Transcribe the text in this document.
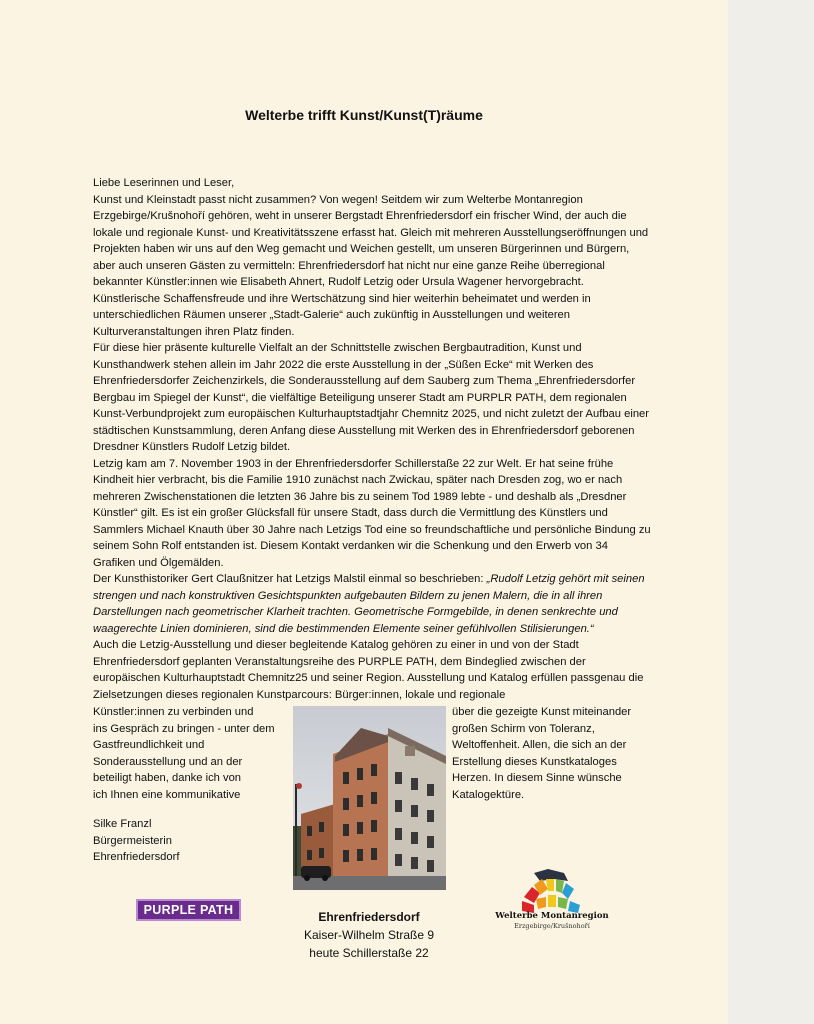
Welterbe trifft Kunst/Kunst(T)räume

Liebe Leserinnen und Leser,

Kunst und Kleinstadt passt nicht zusammen? Von wegen! Seitdem wir zum Welterbe Montanregion Erzgebirge/Krušnohoří gehören, weht in unserer Bergstadt Ehrenfriedersdorf ein frischer Wind, der auch die lokale und regionale Kunst- und Kreativitätsszene erfasst hat. Gleich mit mehreren Ausstellungseröffnungen und Projekten haben wir uns auf den Weg gemacht und Weichen gestellt, um unseren Bürgerinnen und Bürgern, aber auch unseren Gästen zu vermitteln: Ehrenfriedersdorf hat nicht nur eine ganze Reihe überregional bekannter Künstler:innen wie Elisabeth Ahnert, Rudolf Letzig oder Ursula Wagener hervorgebracht. Künstlerische Schaffensfreude und ihre Wertschätzung sind hier weiterhin beheimatet und werden in unterschiedlichen Räumen unserer „Stadt-Galerie“ auch zukünftig in Ausstellungen und weiteren Kulturveranstaltungen ihren Platz finden.

Für diese hier präsente kulturelle Vielfalt an der Schnittstelle zwischen Bergbautradition, Kunst und Kunsthandwerk stehen allein im Jahr 2022 die erste Ausstellung in der „Süßen Ecke“ mit Werken des Ehrenfriedersdorfer Zeichenzirkels, die Sonderausstellung auf dem Sauberg zum Thema „Ehrenfriedersdorfer Bergbau im Spiegel der Kunst“, die vielfältige Beteiligung unserer Stadt am PURPLR PATH, dem regionalen Kunst-Verbundprojekt zum europäischen Kulturhauptstadtjahr Chemnitz 2025, und nicht zuletzt der Aufbau einer städtischen Kunstsammlung, deren Anfang diese Ausstellung mit Werken des in Ehrenfriedersdorf geborenen Dresdner Künstlers Rudolf Letzig bildet.

Letzig kam am 7. November 1903 in der Ehrenfriedersdorfer Schillerstaße 22 zur Welt. Er hat seine frühe Kindheit hier verbracht, bis die Familie 1910 zunächst nach Zwickau, später nach Dresden zog, wo er nach mehreren Zwischenstationen die letzten 36 Jahre bis zu seinem Tod 1989 lebte - und deshalb als „Dresdner Künstler“ gilt. Es ist ein großer Glücksfall für unsere Stadt, dass durch die Vermittlung des Künstlers und Sammlers Michael Knauth über 30 Jahre nach Letzigs Tod eine so freundschaftliche und persönliche Bindung zu seinem Sohn Rolf entstanden ist. Diesem Kontakt verdanken wir die Schenkung und den Erwerb von 34 Grafiken und Ölgemälden.

Der Kunsthistoriker Gert Claußnitzer hat Letzigs Malstil einmal so beschrieben: „Rudolf Letzig gehört mit seinen strengen und nach konstruktiven Gesichtspunkten aufgebauten Bildern zu jenen Malern, die in all ihren Darstellungen nach geometrischer Klarheit trachten. Geometrische Formgebilde, in denen senkrechte und waagerechte Linien dominieren, sind die bestimmenden Elemente seiner gefühlvollen Stilisierungen.“

Auch die Letzig-Ausstellung und dieser begleitende Katalog gehören zu einer in und von der Stadt Ehrenfriedersdorf geplanten Veranstaltungsreihe des PURPLE PATH, dem Bindeglied zwischen der europäischen Kulturhauptstadt Chemnitz25 und seiner Region. Ausstellung und Katalog erfüllen passgenau die Zielsetzungen dieses regionalen Kunstparcours: Bürger:innen, lokale und regionale

Künstler:innen zu verbinden und
ins Gespräch zu bringen - unter dem
Gastfreundlichkeit und
Sonderausstellung und an der
beteiligt haben, danke ich von
ich Ihnen eine kommunikative
über die gezeigte Kunst miteinander
großen Schirm von Toleranz,
Weltoffenheit. Allen, die sich an der
Erstellung dieses Kunstkataloges
Herzen. In diesem Sinne wünsche
Katalogektüre.
Silke Franzl
Bürgermeisterin
Ehrenfriedersdorf
PURPLE PATH	Ehrenfriedersdorf
Kaiser-Wilhelm Straße 9
heute Schillerstaße 22
Welterbe Montanregion
Erzgebirge/Krušnohoří
